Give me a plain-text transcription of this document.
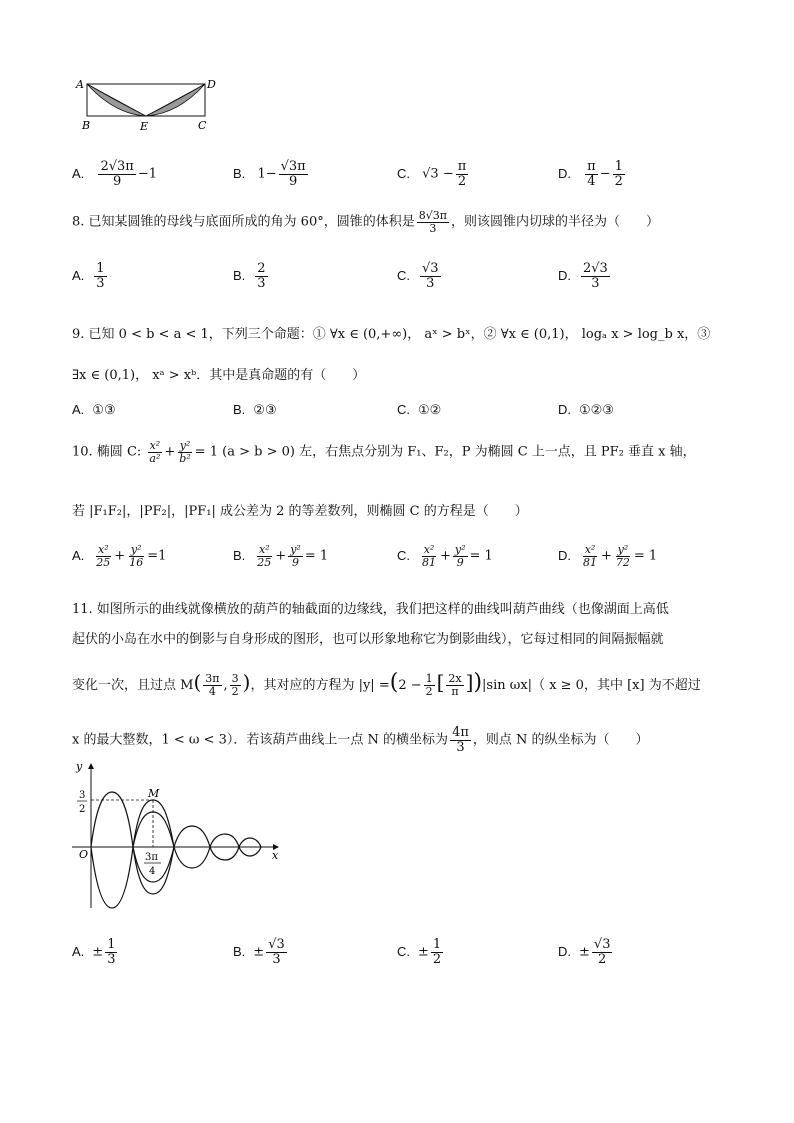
A	D
B	E	C
A. $\frac{2√3\pi}{9} -1$	B. $1- \frac{√3\pi}{9}$	C. $√3 - \frac{\pi}{2}$	D. $\frac{\pi}{4} - \frac{1}{2}$
8. 已知某圆锥的母线与底面所成的角为 60°，圆锥的体积是 $\frac{8√3\pi}{3}$ ，则该圆锥内切球的半径为（　　）
A. $\frac{1}{3}$	B. $\frac{2}{3}$	C. $\frac{√3}{3}$	D. $\frac{2√3}{3}$
9. 已知 0 < b < a < 1，下列三个命题：① ∀x ∈ (0,+∞)， aˣ > bˣ，② ∀x ∈ (0,1)， logₐ x > log_b x，③
∃x ∈ (0,1)， xᵃ > xᵇ．其中是真命题的有（　　）
A. ①③	B. ②③	C. ①②	D. ①②③
10. 椭圆 C: $\frac{\text{x²}}{\text{a²}} + \frac{\text{y²}}{\text{b²}} = 1$ (a > b > 0) 左，右焦点分别为 F₁、F₂，P 为椭圆 C 上一点，且 PF₂ 垂直 x 轴，
若 |F₁F₂|，|PF₂|，|PF₁| 成公差为 2 的等差数列，则椭圆 C 的方程是（　　）
A. $\frac{\text{x²}}{25} + \frac{\text{y²}}{16} =1$	B. $\frac{\text{x²}}{25} + \frac{\text{y²}}{9} = 1$	C. $\frac{\text{x²}}{81} + \frac{\text{y²}}{9} = 1$	D. $\frac{\text{x²}}{81} + \frac{\text{y²}}{72} = 1$
11. 如图所示的曲线就像横放的葫芦的轴截面的边缘线，我们把这样的曲线叫葫芦曲线（也像湖面上高低
起伏的小岛在水中的倒影与自身形成的图形，也可以形象地称它为倒影曲线），它每过相同的间隔振幅就
变化一次，且过点 $M( \frac{3\pi}{4}$ , $\frac{3}{2}$ )，其对应的方程为 $|y| =(2 - \frac{1}{2}$ [ $\frac{2x}{\pi} ])|\sin$ ωx|（ x ≥ 0，其中 [x] 为不超过
x 的最大整数，1 < ω < 3）．若该葫芦曲线上一点 N 的横坐标为 $\frac{4\pi}{3}$ ，则点 N 的纵坐标为（　　）
y
x
O
M
3
2
3π
4
A. ± $\frac{1}{3}$	B. ± $\frac{√3}{3}$	C. ± $\frac{1}{2}$	D. ± $\frac{√3}{2}$
